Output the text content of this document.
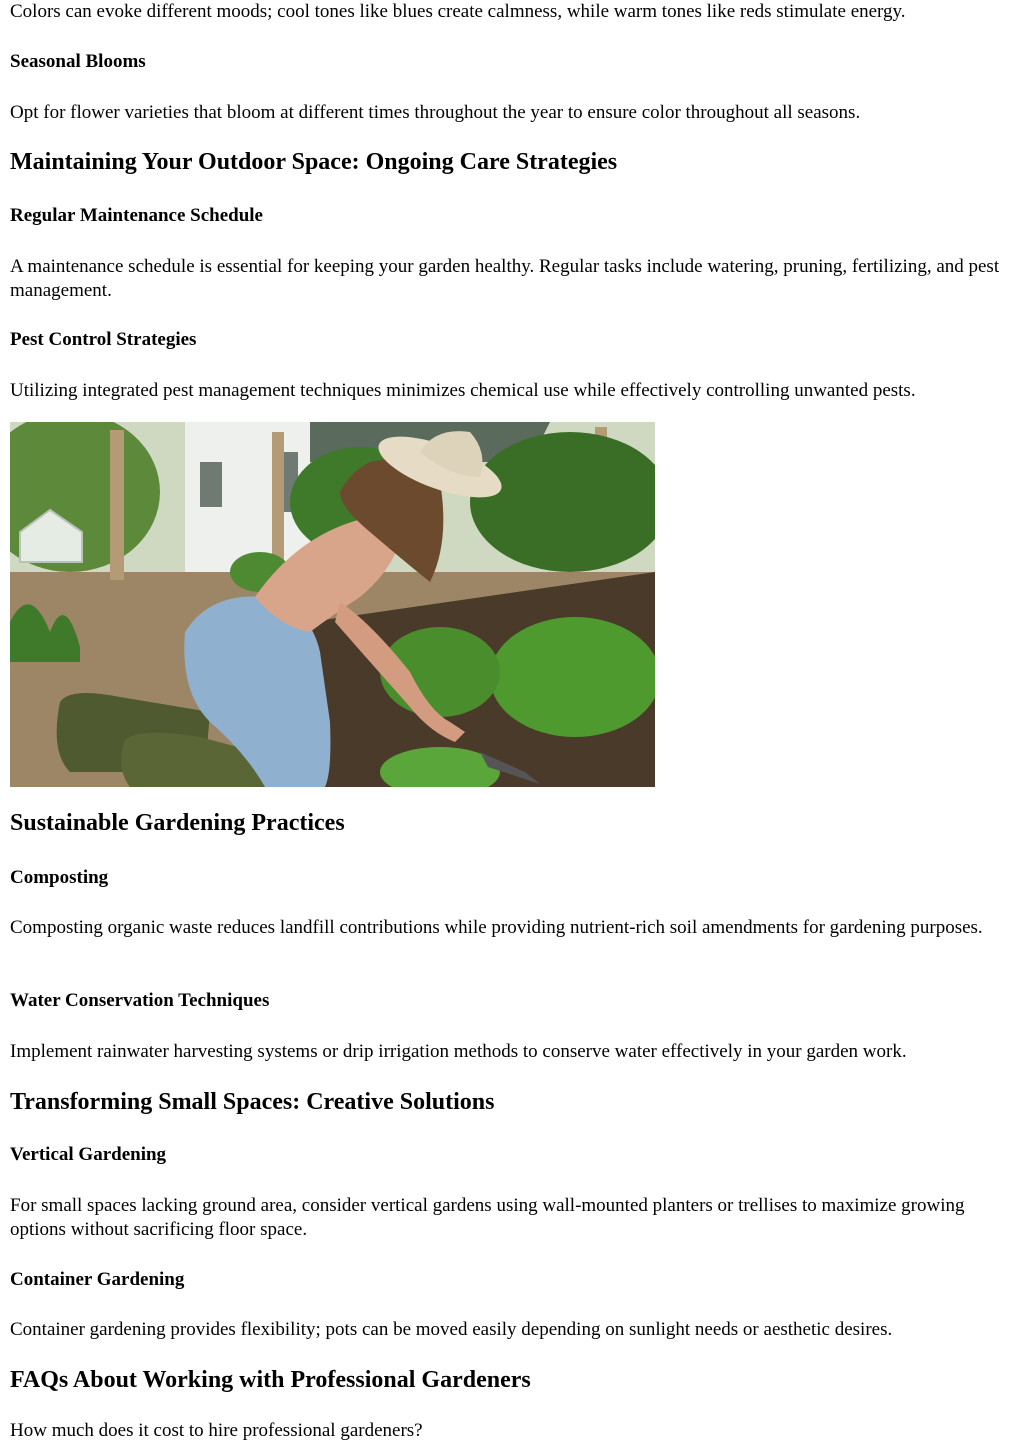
Colors can evoke different moods; cool tones like blues create calmness, while warm tones like reds stimulate energy.

Seasonal Blooms

Opt for flower varieties that bloom at different times throughout the year to ensure color throughout all seasons.

Maintaining Your Outdoor Space: Ongoing Care Strategies
Regular Maintenance Schedule

A maintenance schedule is essential for keeping your garden healthy. Regular tasks include watering, pruning, fertilizing, and pest management.

Pest Control Strategies

Utilizing integrated pest management techniques minimizes chemical use while effectively controlling unwanted pests.

Sustainable Gardening Practices
Composting

Composting organic waste reduces landfill contributions while providing nutrient-rich soil amendments for gardening purposes.

Water Conservation Techniques

Implement rainwater harvesting systems or drip irrigation methods to conserve water effectively in your garden work.

Transforming Small Spaces: Creative Solutions
Vertical Gardening

For small spaces lacking ground area, consider vertical gardens using wall-mounted planters or trellises to maximize growing options without sacrificing floor space.

Container Gardening

Container gardening provides flexibility; pots can be moved easily depending on sunlight needs or aesthetic desires.

FAQs About Working with Professional Gardeners

How much does it cost to hire professional gardeners?
